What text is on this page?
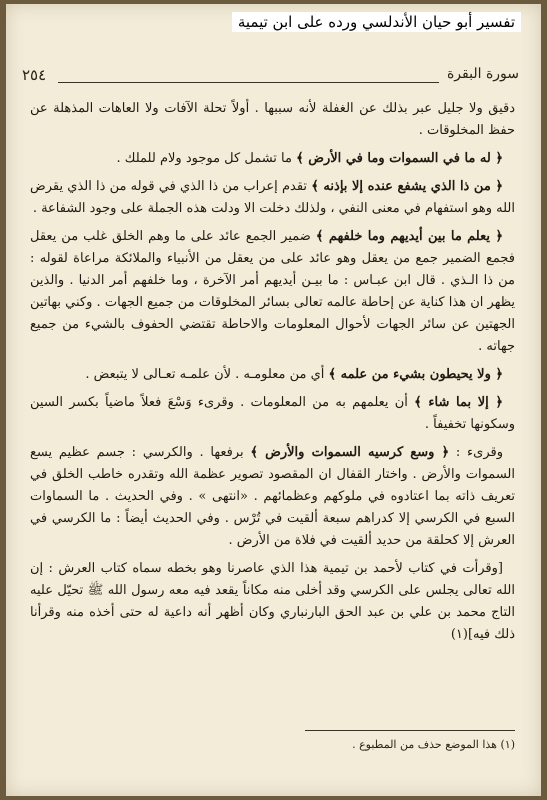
تفسير أبو حيان الأندلسي ورده على ابن تيمية
سورة البقرة
٢٥٤

دقيق ولا جليل عبر بذلك عن الغفلة لأنه سببها . أولاً تحلة الآفات ولا العاهات المذهلة عن حفظ المخلوقات .

﴿ له ما في السموات وما في الأرض ﴾ ما تشمل كل موجود ولام للملك .

﴿ من ذا الذي يشفع عنده إلا بإذنه ﴾ تقدم إعراب من ذا الذي في قوله من ذا الذي يقرض الله وهو استفهام في معنى النفي ، ولذلك دخلت الا ودلت هذه الجملة على وجود الشفاعة .

﴿ يعلم ما بين أيديهم وما خلفهم ﴾ ضمير الجمع عائد على ما وهم الخلق غلب من يعقل فجمع الضمير جمع من يعقل وهو عائد على من يعقل من الأنبياء والملائكة مراعاة لقوله : من ذا الـذي . قال ابن عبـاس : ما بيـن أيديهم أمر الآخرة ، وما خلفهم أمر الدنيا . والذين يظهر ان هذا كناية عن إحاطة عالمه تعالى بسائر المخلوقات من جميع الجهات . وكني بهاتين الجهتين عن سائر الجهات لأحوال المعلومات والاحاطة تقتضي الحفوف بالشيء من جميع جهاته .

﴿ ولا يحيطون بشيء من علمه ﴾ أي من معلومـه . لأن علمـه تعـالى لا يتبعض .

﴿ إلا بما شاء ﴾ أن يعلمهم به من المعلومات . وقرىء وَسْعَ فعلاً ماضياً بكسر السين وسكونها تخفيفاً .

وقرىء : ﴿ وسع كرسيه السموات والأرض ﴾ برفعها . والكرسي : جسم عظيم يسع السموات والأرض . واختار القفال ان المقصود تصوير عظمة الله وتقدره خاطب الخلق في تعريف ذاته بما اعتادوه في ملوكهم وعظمائهم . «انتهى » . وفي الحديث . ما السماوات السبع في الكرسي إلا كدراهم سبعة ألقيت في تُرْس . وفي الحديث أيضاً : ما الكرسي في العرش إلا كحلقة من حديد ألقيت في فلاة من الأرض .

[وقرأت في كتاب لأحمد بن تيمية هذا الذي عاصرنا وهو بخطه سماه كتاب العرش : إن الله تعالى يجلس على الكرسي وقد أخلى منه مكاناً يقعد فيه معه رسول الله ﷺ تحيّل عليه التاج محمد بن علي بن عبد الحق البارنباري وكان أظهر أنه داعية له حتى أخذه منه وقرأنا ذلك فيه](١)

(١) هذا الموضع حذف من المطبوع .
